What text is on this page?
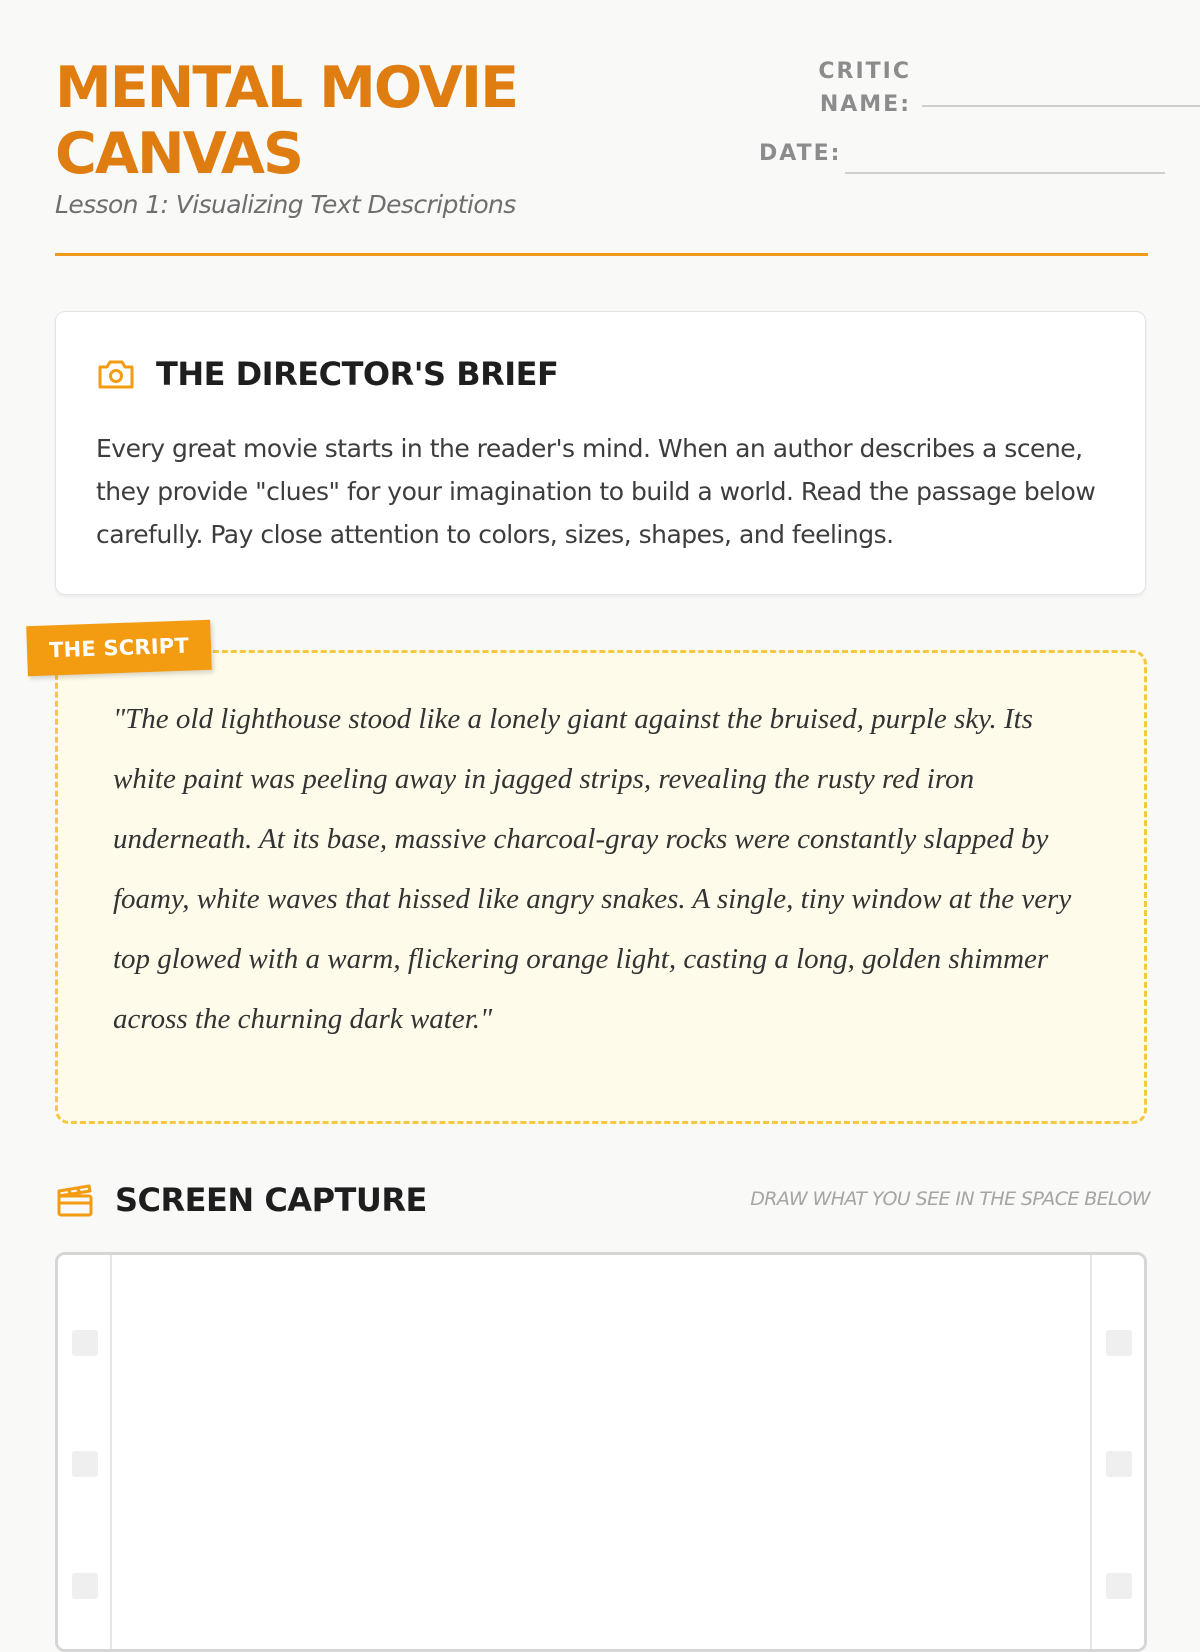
MENTAL MOVIE CANVAS
Lesson 1: Visualizing Text Descriptions
CRITIC NAME:
DATE:
THE DIRECTOR'S BRIEF

Every great movie starts in the reader's mind. When an author describes a scene, they provide "clues" for your imagination to build a world. Read the passage below carefully. Pay close attention to colors, sizes, shapes, and feelings.

"The old lighthouse stood like a lonely giant against the bruised, purple sky. Its white paint was peeling away in jagged strips, revealing the rusty red iron underneath. At its base, massive charcoal-gray rocks were constantly slapped by foamy, white waves that hissed like angry snakes. A single, tiny window at the very top glowed with a warm, flickering orange light, casting a long, golden shimmer across the churning dark water."

THE SCRIPT
SCREEN CAPTURE	DRAW WHAT YOU SEE IN THE SPACE BELOW
